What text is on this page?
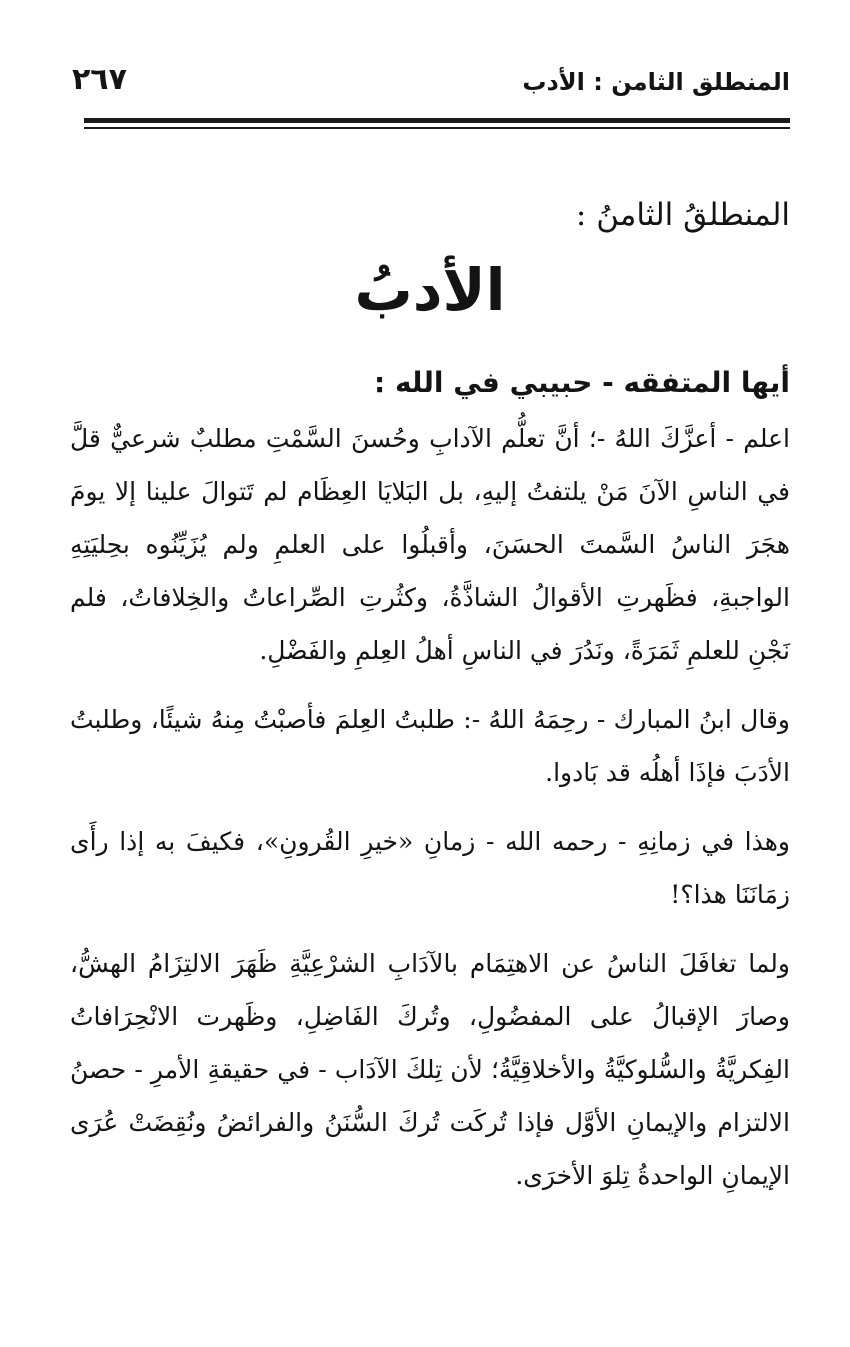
المنطلق الثامن : الأدب
٢٦٧

المنطلقُ الثامنُ :

الأدبُ

أيها المتفقه - حبيبي في الله :

اعلم - أعزَّكَ اللهُ -؛ أنَّ تعلُّم الآدابِ وحُسنَ السَّمْتِ مطلبٌ شرعيٌّ قلَّ في الناسِ الآنَ مَنْ يلتفتُ إليهِ، بل البَلايَا العِظَام لم تَتوالَ علينا إلا يومَ هجَرَ الناسُ السَّمتَ الحسَنَ، وأقبلُوا على العلمِ ولم يُزَيِّنُوه بحِليَتِهِ الواجبةِ، فظَهرتِ الأقوالُ الشاذَّةُ، وكثُرتِ الصِّراعاتُ والخِلافاتُ، فلم نَجْنِ للعلمِ ثَمَرَةً، ونَدُرَ في الناسِ أهلُ العِلمِ والفَضْلِ.

وقال ابنُ المبارك - رحِمَهُ اللهُ -: طلبتُ العِلمَ فأصبْتُ مِنهُ شيئًا، وطلبتُ الأدَبَ فإذَا أهلُه قد بَادوا.

وهذا في زمانِهِ - رحمه الله - زمانِ «خيرِ القُرونِ»، فكيفَ به إذا رأَى زمَانَنَا هذا؟!

ولما تغافَلَ الناسُ عن الاهتِمَام بالآدَابِ الشرْعِيَّةِ ظَهَرَ الالتِزَامُ الهشُّ، وصارَ الإقبالُ على المفضُولِ، وتُركَ الفَاضِلِ، وظَهرت الانْحِرَافاتُ الفِكريَّةُ والسُّلوكيَّةُ والأخلاقِيَّةُ؛ لأن تِلكَ الآدَاب - في حقيقةِ الأمرِ - حصنُ الالتزام والإيمانِ الأوَّل فإذا تُركَت تُركَ السُّنَنُ والفرائضُ ونُقِضَتْ عُرَى الإيمانِ الواحدةُ تِلوَ الأخرَى.
